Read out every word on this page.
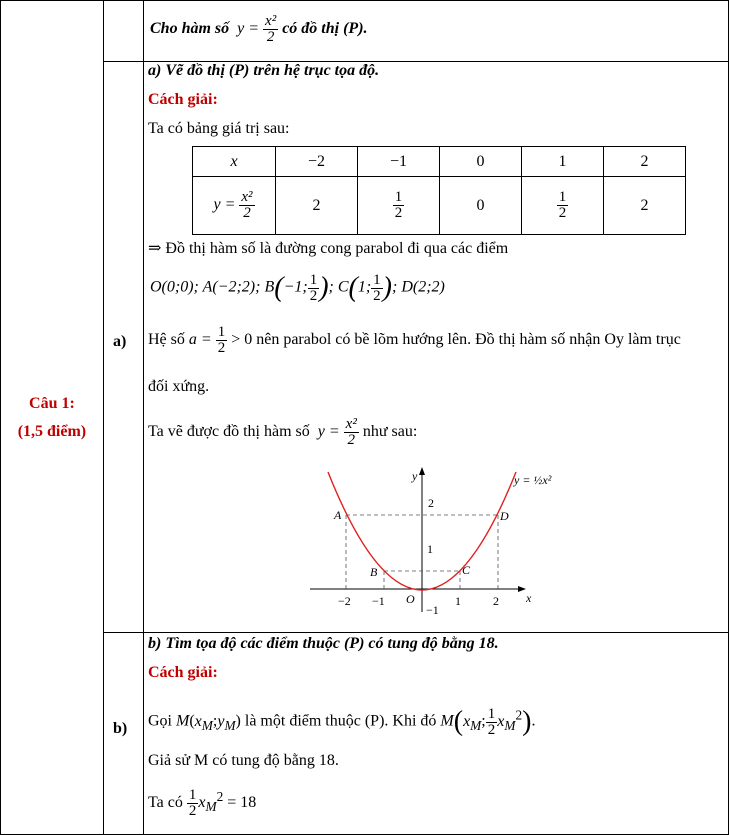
Câu 1:
(1,5 điểm)		

Cho hàm số  $y = \frac{\text{x²}}{2}$ có đồ thị (P).
a)
a) Vẽ đồ thị (P) trên hệ trục tọa độ.
Cách giải:
Ta có bảng giá trị sau:
x	−2	−1	0	1	2
$y = \frac{\text{x²}}{2}$	2	$\frac{1}{2}$	0	$\frac{1}{2}$	2
⇒ Đồ thị hàm số là đường cong parabol đi qua các điểm
O(0;0); A(−2;2); B(−1; $\frac{1}{2}$ ); C(1; $\frac{1}{2}$ ); D(2;2)
Hệ số $a = \frac{1}{2} > 0$ nên parabol có bề lõm hướng lên. Đồ thị hàm số nhận Oy làm trục
đối xứng.
Ta vẽ được đồ thị hàm số  $y = \frac{\text{x²}}{2}$ như sau:
y
x
O
−2 −1	1	2
2
1
−1
A
B	C
D
y = ½x²
b)
b) Tìm tọa độ các điểm thuộc (P) có tung độ bằng 18.
Cách giải:
Gọi $M(x_M;y_M)$ là một điểm thuộc (P). Khi đó $M(x_M$; $\frac{1}{2} x_M^2$).
Giả sử M có tung độ bằng 18.
Ta có $\frac{1}{2} x_M^2 = 18$
